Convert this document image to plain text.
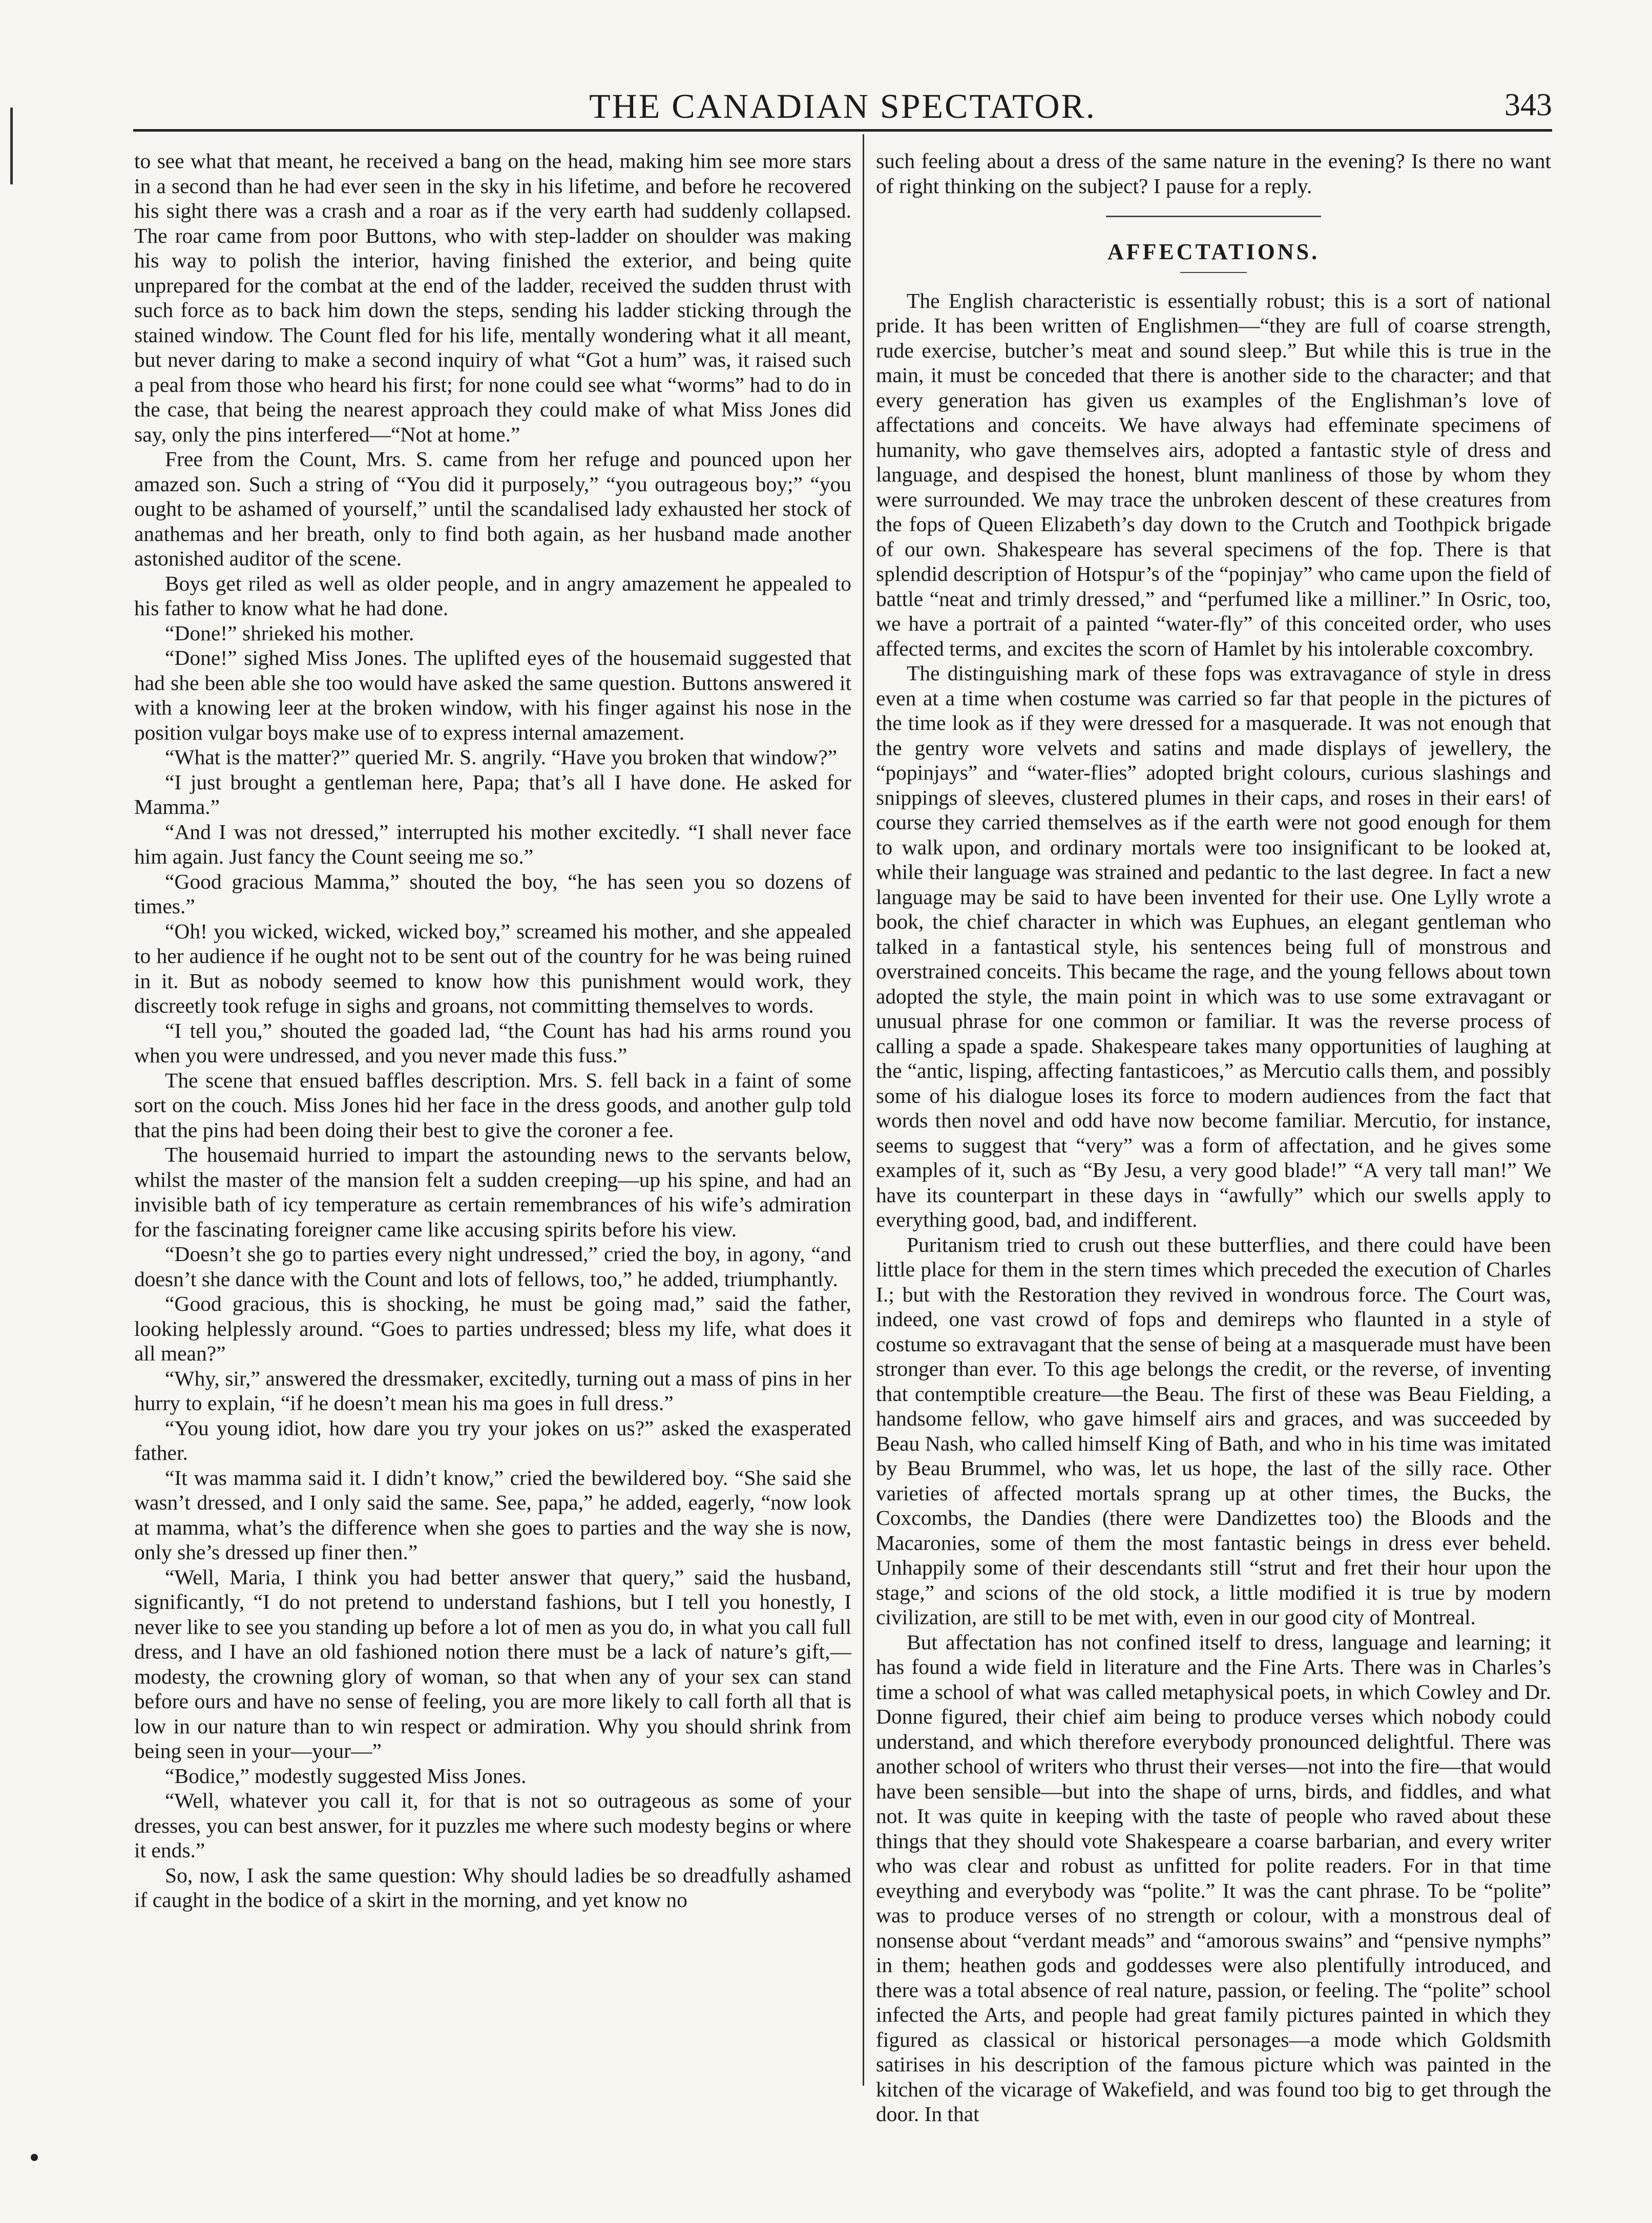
THE CANADIAN SPECTATOR.	343

to see what that meant, he received a bang on the head, making him see more stars in a second than he had ever seen in the sky in his lifetime, and before he recovered his sight there was a crash and a roar as if the very earth had suddenly collapsed. The roar came from poor Buttons, who with step-ladder on shoulder was making his way to polish the interior, having finished the exterior, and being quite unprepared for the combat at the end of the ladder, received the sudden thrust with such force as to back him down the steps, sending his ladder sticking through the stained window. The Count fled for his life, mentally wondering what it all meant, but never daring to make a second inquiry of what “Got a hum” was, it raised such a peal from those who heard his first; for none could see what “worms” had to do in the case, that being the nearest approach they could make of what Miss Jones did say, only the pins interfered—“Not at home.”

Free from the Count, Mrs. S. came from her refuge and pounced upon her amazed son. Such a string of “You did it purposely,” “you outrageous boy;” “you ought to be ashamed of yourself,” until the scandalised lady exhausted her stock of anathemas and her breath, only to find both again, as her husband made another astonished auditor of the scene.

Boys get riled as well as older people, and in angry amazement he appealed to his father to know what he had done.

“Done!” shrieked his mother.

“Done!” sighed Miss Jones. The uplifted eyes of the housemaid suggested that had she been able she too would have asked the same question. Buttons answered it with a knowing leer at the broken window, with his finger against his nose in the position vulgar boys make use of to express internal amazement.

“What is the matter?” queried Mr. S. angrily. “Have you broken that window?”

“I just brought a gentleman here, Papa; that’s all I have done. He asked for Mamma.”

“And I was not dressed,” interrupted his mother excitedly. “I shall never face him again. Just fancy the Count seeing me so.”

“Good gracious Mamma,” shouted the boy, “he has seen you so dozens of times.”

“Oh! you wicked, wicked, wicked boy,” screamed his mother, and she appealed to her audience if he ought not to be sent out of the country for he was being ruined in it. But as nobody seemed to know how this punishment would work, they discreetly took refuge in sighs and groans, not committing themselves to words.

“I tell you,” shouted the goaded lad, “the Count has had his arms round you when you were undressed, and you never made this fuss.”

The scene that ensued baffles description. Mrs. S. fell back in a faint of some sort on the couch. Miss Jones hid her face in the dress goods, and another gulp told that the pins had been doing their best to give the coroner a fee.

The housemaid hurried to impart the astounding news to the servants below, whilst the master of the mansion felt a sudden creeping—up his spine, and had an invisible bath of icy temperature as certain remembrances of his wife’s admiration for the fascinating foreigner came like accusing spirits before his view.

“Doesn’t she go to parties every night undressed,” cried the boy, in agony, “and doesn’t she dance with the Count and lots of fellows, too,” he added, triumphantly.

“Good gracious, this is shocking, he must be going mad,” said the father, looking helplessly around. “Goes to parties undressed; bless my life, what does it all mean?”

“Why, sir,” answered the dressmaker, excitedly, turning out a mass of pins in her hurry to explain, “if he doesn’t mean his ma goes in full dress.”

“You young idiot, how dare you try your jokes on us?” asked the exasperated father.

“It was mamma said it. I didn’t know,” cried the bewildered boy. “She said she wasn’t dressed, and I only said the same. See, papa,” he added, eagerly, “now look at mamma, what’s the difference when she goes to parties and the way she is now, only she’s dressed up finer then.”

“Well, Maria, I think you had better answer that query,” said the husband, significantly, “I do not pretend to understand fashions, but I tell you honestly, I never like to see you standing up before a lot of men as you do, in what you call full dress, and I have an old fashioned notion there must be a lack of nature’s gift,—modesty, the crowning glory of woman, so that when any of your sex can stand before ours and have no sense of feeling, you are more likely to call forth all that is low in our nature than to win respect or admiration. Why you should shrink from being seen in your—your—”

“Bodice,” modestly suggested Miss Jones.

“Well, whatever you call it, for that is not so outrageous as some of your dresses, you can best answer, for it puzzles me where such modesty begins or where it ends.”

So, now, I ask the same question: Why should ladies be so dreadfully ashamed if caught in the bodice of a skirt in the morning, and yet know no

such feeling about a dress of the same nature in the evening? Is there no want of right thinking on the subject? I pause for a reply.

AFFECTATIONS.

The English characteristic is essentially robust; this is a sort of national pride. It has been written of Englishmen—“they are full of coarse strength, rude exercise, butcher’s meat and sound sleep.” But while this is true in the main, it must be conceded that there is another side to the character; and that every generation has given us examples of the Englishman’s love of affectations and conceits. We have always had effeminate specimens of humanity, who gave themselves airs, adopted a fantastic style of dress and language, and despised the honest, blunt manliness of those by whom they were surrounded. We may trace the unbroken descent of these creatures from the fops of Queen Elizabeth’s day down to the Crutch and Toothpick brigade of our own. Shakespeare has several specimens of the fop. There is that splendid description of Hotspur’s of the “popinjay” who came upon the field of battle “neat and trimly dressed,” and “perfumed like a milliner.” In Osric, too, we have a portrait of a painted “water-fly” of this conceited order, who uses affected terms, and excites the scorn of Hamlet by his intolerable coxcombry.

The distinguishing mark of these fops was extravagance of style in dress even at a time when costume was carried so far that people in the pictures of the time look as if they were dressed for a masquerade. It was not enough that the gentry wore velvets and satins and made displays of jewellery, the “popinjays” and “water-flies” adopted bright colours, curious slashings and snippings of sleeves, clustered plumes in their caps, and roses in their ears! of course they carried themselves as if the earth were not good enough for them to walk upon, and ordinary mortals were too insignificant to be looked at, while their language was strained and pedantic to the last degree. In fact a new language may be said to have been invented for their use. One Lylly wrote a book, the chief character in which was Euphues, an elegant gentleman who talked in a fantastical style, his sentences being full of monstrous and overstrained conceits. This became the rage, and the young fellows about town adopted the style, the main point in which was to use some extravagant or unusual phrase for one common or familiar. It was the reverse process of calling a spade a spade. Shakespeare takes many opportunities of laughing at the “antic, lisping, affecting fantasticoes,” as Mercutio calls them, and possibly some of his dialogue loses its force to modern audiences from the fact that words then novel and odd have now become familiar. Mercutio, for instance, seems to suggest that “very” was a form of affectation, and he gives some examples of it, such as “By Jesu, a very good blade!” “A very tall man!” We have its counterpart in these days in “awfully” which our swells apply to everything good, bad, and indifferent.

Puritanism tried to crush out these butterflies, and there could have been little place for them in the stern times which preceded the execution of Charles I.; but with the Restoration they revived in wondrous force. The Court was, indeed, one vast crowd of fops and demireps who flaunted in a style of costume so extravagant that the sense of being at a masquerade must have been stronger than ever. To this age belongs the credit, or the reverse, of inventing that contemptible creature—the Beau. The first of these was Beau Fielding, a handsome fellow, who gave himself airs and graces, and was succeeded by Beau Nash, who called himself King of Bath, and who in his time was imitated by Beau Brummel, who was, let us hope, the last of the silly race. Other varieties of affected mortals sprang up at other times, the Bucks, the Coxcombs, the Dandies (there were Dandizettes too) the Bloods and the Macaronies, some of them the most fantastic beings in dress ever beheld. Unhappily some of their descendants still “strut and fret their hour upon the stage,” and scions of the old stock, a little modified it is true by modern civilization, are still to be met with, even in our good city of Montreal.

But affectation has not confined itself to dress, language and learning; it has found a wide field in literature and the Fine Arts. There was in Charles’s time a school of what was called metaphysical poets, in which Cowley and Dr. Donne figured, their chief aim being to produce verses which nobody could understand, and which therefore everybody pronounced delightful. There was another school of writers who thrust their verses—not into the fire—that would have been sensible—but into the shape of urns, birds, and fiddles, and what not. It was quite in keeping with the taste of people who raved about these things that they should vote Shakespeare a coarse barbarian, and every writer who was clear and robust as unfitted for polite readers. For in that time eveything and everybody was “polite.” It was the cant phrase. To be “polite” was to produce verses of no strength or colour, with a monstrous deal of nonsense about “verdant meads” and “amorous swains” and “pensive nymphs” in them; heathen gods and goddesses were also plentifully introduced, and there was a total absence of real nature, passion, or feeling. The “polite” school infected the Arts, and people had great family pictures painted in which they figured as classical or historical personages—a mode which Goldsmith satirises in his description of the famous picture which was painted in the kitchen of the vicarage of Wakefield, and was found too big to get through the door. In that
